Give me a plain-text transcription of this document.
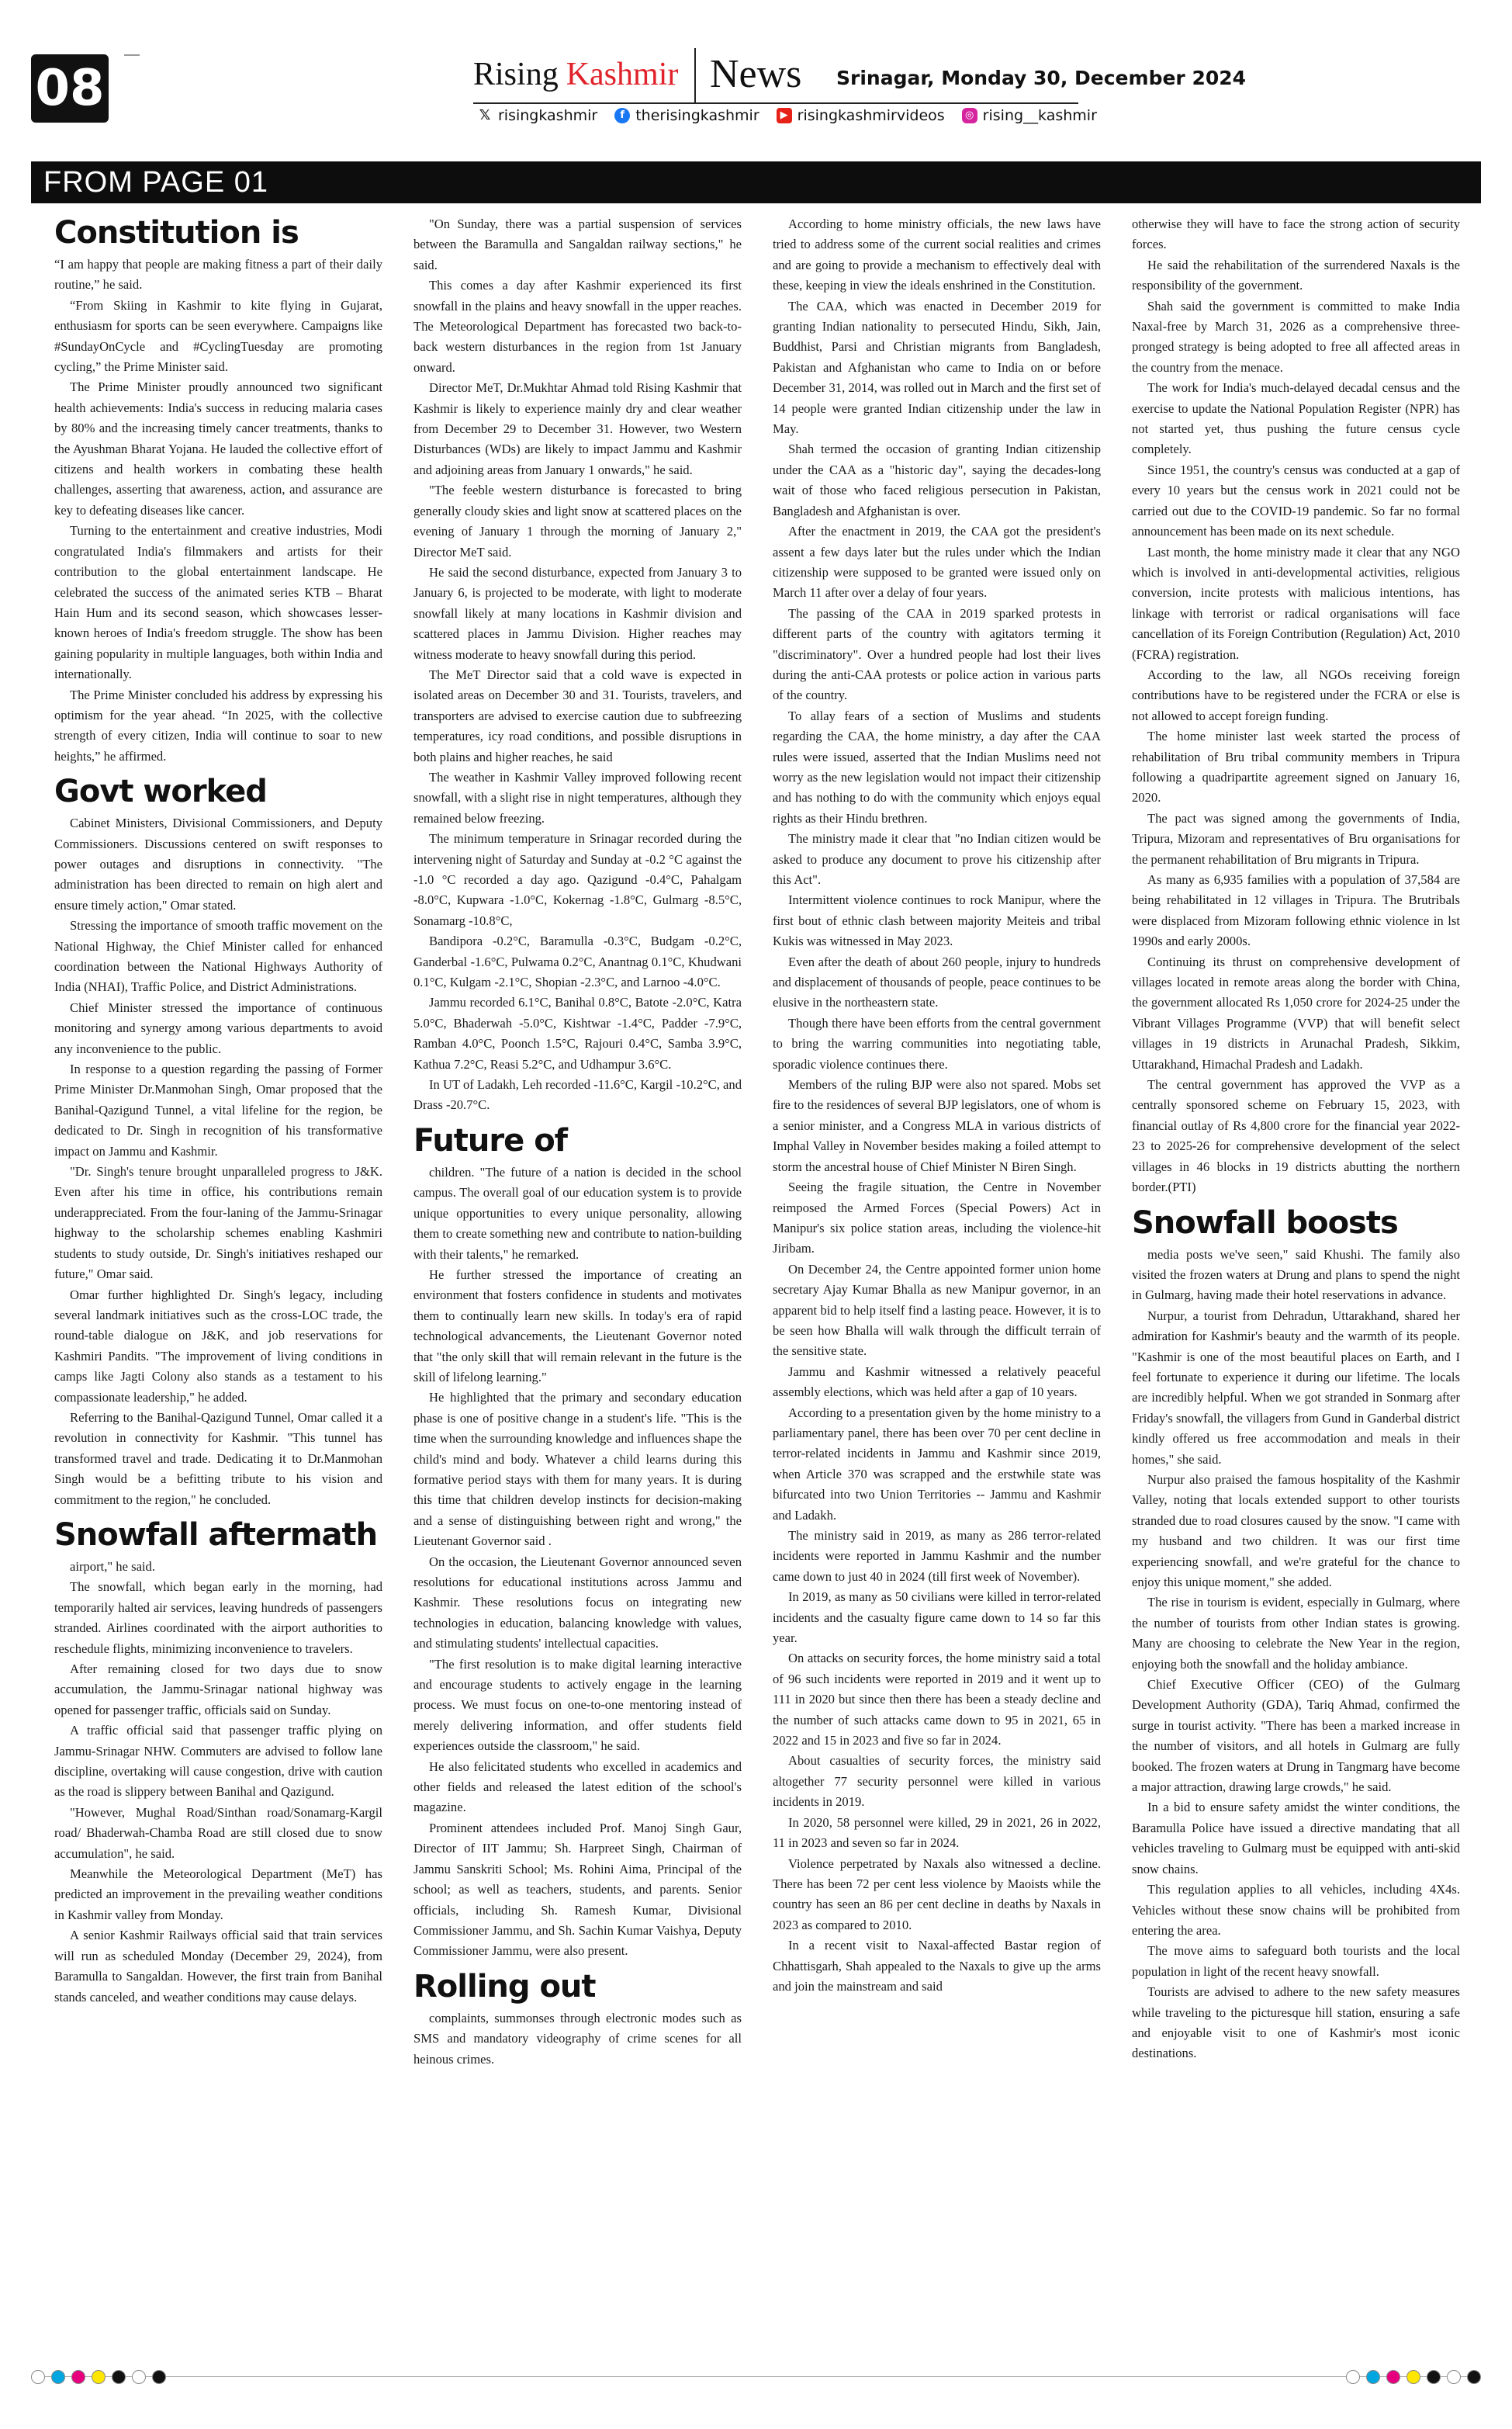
08	Rising Kashmir News Srinagar, Monday 30, December 2024
𝕏 risingkashmir	f therisingkashmir	▶ risingkashmirvideos	◎ rising__kashmir
FROM PAGE 01
Constitution is

“I am happy that people are making fitness a part of their daily routine,” he said.

“From Skiing in Kashmir to kite flying in Gujarat, enthusiasm for sports can be seen everywhere. Campaigns like #SundayOnCycle and #CyclingTuesday are promoting cycling,” the Prime Minister said.

The Prime Minister proudly announced two significant health achievements: India's success in reducing malaria cases by 80% and the increasing timely cancer treatments, thanks to the Ayushman Bharat Yojana. He lauded the collective effort of citizens and health workers in combating these health challenges, asserting that awareness, action, and assurance are key to defeating diseases like cancer.

Turning to the entertainment and creative industries, Modi congratulated India's filmmakers and artists for their contribution to the global entertainment landscape. He celebrated the success of the animated series KTB – Bharat Hain Hum and its second season, which showcases lesser-known heroes of India's freedom struggle. The show has been gaining popularity in multiple languages, both within India and internationally.

The Prime Minister concluded his address by expressing his optimism for the year ahead. “In 2025, with the collective strength of every citizen, India will continue to soar to new heights,” he affirmed.

Govt worked

Cabinet Ministers, Divisional Commissioners, and Deputy Commissioners. Discussions centered on swift responses to power outages and disruptions in connectivity. "The administration has been directed to remain on high alert and ensure timely action," Omar stated.

Stressing the importance of smooth traffic movement on the National Highway, the Chief Minister called for enhanced coordination between the National Highways Authority of India (NHAI), Traffic Police, and District Administrations.

Chief Minister stressed the importance of continuous monitoring and synergy among various departments to avoid any inconvenience to the public.

In response to a question regarding the passing of Former Prime Minister Dr.Manmohan Singh, Omar proposed that the Banihal-Qazigund Tunnel, a vital lifeline for the region, be dedicated to Dr. Singh in recognition of his transformative impact on Jammu and Kashmir.

"Dr. Singh's tenure brought unparalleled progress to J&K. Even after his time in office, his contributions remain underappreciated. From the four-laning of the Jammu-Srinagar highway to the scholarship schemes enabling Kashmiri students to study outside, Dr. Singh's initiatives reshaped our future," Omar said.

Omar further highlighted Dr. Singh's legacy, including several landmark initiatives such as the cross-LOC trade, the round-table dialogue on J&K, and job reservations for Kashmiri Pandits. "The improvement of living conditions in camps like Jagti Colony also stands as a testament to his compassionate leadership," he added.

Referring to the Banihal-Qazigund Tunnel, Omar called it a revolution in connectivity for Kashmir. "This tunnel has transformed travel and trade. Dedicating it to Dr.Manmohan Singh would be a befitting tribute to his vision and commitment to the region," he concluded.

Snowfall aftermath

airport," he said.

The snowfall, which began early in the morning, had temporarily halted air services, leaving hundreds of passengers stranded. Airlines coordinated with the airport authorities to reschedule flights, minimizing inconvenience to travelers.

After remaining closed for two days due to snow accumulation, the Jammu-Srinagar national highway was opened for passenger traffic, officials said on Sunday.

A traffic official said that passenger traffic plying on Jammu-Srinagar NHW. Commuters are advised to follow lane discipline, overtaking will cause congestion, drive with caution as the road is slippery between Banihal and Qazigund.

"However, Mughal Road/Sinthan road/Sonamarg-Kargil road/ Bhaderwah-Chamba Road are still closed due to snow accumulation", he said.

Meanwhile the Meteorological Department (MeT) has predicted an improvement in the prevailing weather conditions in Kashmir valley from Monday.

A senior Kashmir Railways official said that train services will run as scheduled Monday (December 29, 2024), from Baramulla to Sangaldan. However, the first train from Banihal stands canceled, and weather conditions may cause delays.

"On Sunday, there was a partial suspension of services between the Baramulla and Sangaldan railway sections," he said.

This comes a day after Kashmir experienced its first snowfall in the plains and heavy snowfall in the upper reaches. The Meteorological Department has forecasted two back-to-back western disturbances in the region from 1st January onward.

Director MeT, Dr.Mukhtar Ahmad told Rising Kashmir that Kashmir is likely to experience mainly dry and clear weather from December 29 to December 31. However, two Western Disturbances (WDs) are likely to impact Jammu and Kashmir and adjoining areas from January 1 onwards," he said.

"The feeble western disturbance is forecasted to bring generally cloudy skies and light snow at scattered places on the evening of January 1 through the morning of January 2," Director MeT said.

He said the second disturbance, expected from January 3 to January 6, is projected to be moderate, with light to moderate snowfall likely at many locations in Kashmir division and scattered places in Jammu Division. Higher reaches may witness moderate to heavy snowfall during this period.

The MeT Director said that a cold wave is expected in isolated areas on December 30 and 31. Tourists, travelers, and transporters are advised to exercise caution due to subfreezing temperatures, icy road conditions, and possible disruptions in both plains and higher reaches, he said

The weather in Kashmir Valley improved following recent snowfall, with a slight rise in night temperatures, although they remained below freezing.

The minimum temperature in Srinagar recorded during the intervening night of Saturday and Sunday at -0.2 °C against the -1.0 °C recorded a day ago. Qazigund -0.4°C, Pahalgam -8.0°C, Kupwara -1.0°C, Kokernag -1.8°C, Gulmarg -8.5°C, Sonamarg -10.8°C,

Bandipora -0.2°C, Baramulla -0.3°C, Budgam -0.2°C, Ganderbal -1.6°C, Pulwama 0.2°C, Anantnag 0.1°C, Khudwani 0.1°C, Kulgam -2.1°C, Shopian -2.3°C, and Larnoo -4.0°C.

Jammu recorded 6.1°C, Banihal 0.8°C, Batote -2.0°C, Katra 5.0°C, Bhaderwah -5.0°C, Kishtwar -1.4°C, Padder -7.9°C, Ramban 4.0°C, Poonch 1.5°C, Rajouri 0.4°C, Samba 3.9°C, Kathua 7.2°C, Reasi 5.2°C, and Udhampur 3.6°C.

In UT of Ladakh, Leh recorded -11.6°C, Kargil -10.2°C, and Drass -20.7°C.

Future of

children. "The future of a nation is decided in the school campus. The overall goal of our education system is to provide unique opportunities to every unique personality, allowing them to create something new and contribute to nation-building with their talents," he remarked.

He further stressed the importance of creating an environment that fosters confidence in students and motivates them to continually learn new skills. In today's era of rapid technological advancements, the Lieutenant Governor noted that "the only skill that will remain relevant in the future is the skill of lifelong learning."

He highlighted that the primary and secondary education phase is one of positive change in a student's life. "This is the time when the surrounding knowledge and influences shape the child's mind and body. Whatever a child learns during this formative period stays with them for many years. It is during this time that children develop instincts for decision-making and a sense of distinguishing between right and wrong," the Lieutenant Governor said .

On the occasion, the Lieutenant Governor announced seven resolutions for educational institutions across Jammu and Kashmir. These resolutions focus on integrating new technologies in education, balancing knowledge with values, and stimulating students' intellectual capacities.

"The first resolution is to make digital learning interactive and encourage students to actively engage in the learning process. We must focus on one-to-one mentoring instead of merely delivering information, and offer students field experiences outside the classroom," he said.

He also felicitated students who excelled in academics and other fields and released the latest edition of the school's magazine.

Prominent attendees included Prof. Manoj Singh Gaur, Director of IIT Jammu; Sh. Harpreet Singh, Chairman of Jammu Sanskriti School; Ms. Rohini Aima, Principal of the school; as well as teachers, students, and parents. Senior officials, including Sh. Ramesh Kumar, Divisional Commissioner Jammu, and Sh. Sachin Kumar Vaishya, Deputy Commissioner Jammu, were also present.

Rolling out

complaints, summonses through electronic modes such as SMS and mandatory videography of crime scenes for all heinous crimes.

According to home ministry officials, the new laws have tried to address some of the current social realities and crimes and are going to provide a mechanism to effectively deal with these, keeping in view the ideals enshrined in the Constitution.

The CAA, which was enacted in December 2019 for granting Indian nationality to persecuted Hindu, Sikh, Jain, Buddhist, Parsi and Christian migrants from Bangladesh, Pakistan and Afghanistan who came to India on or before December 31, 2014, was rolled out in March and the first set of 14 people were granted Indian citizenship under the law in May.

Shah termed the occasion of granting Indian citizenship under the CAA as a "historic day", saying the decades-long wait of those who faced religious persecution in Pakistan, Bangladesh and Afghanistan is over.

After the enactment in 2019, the CAA got the president's assent a few days later but the rules under which the Indian citizenship were supposed to be granted were issued only on March 11 after over a delay of four years.

The passing of the CAA in 2019 sparked protests in different parts of the country with agitators terming it "discriminatory". Over a hundred people had lost their lives during the anti-CAA protests or police action in various parts of the country.

To allay fears of a section of Muslims and students regarding the CAA, the home ministry, a day after the CAA rules were issued, asserted that the Indian Muslims need not worry as the new legislation would not impact their citizenship and has nothing to do with the community which enjoys equal rights as their Hindu brethren.

The ministry made it clear that "no Indian citizen would be asked to produce any document to prove his citizenship after this Act".

Intermittent violence continues to rock Manipur, where the first bout of ethnic clash between majority Meiteis and tribal Kukis was witnessed in May 2023.

Even after the death of about 260 people, injury to hundreds and displacement of thousands of people, peace continues to be elusive in the northeastern state.

Though there have been efforts from the central government to bring the warring communities into negotiating table, sporadic violence continues there.

Members of the ruling BJP were also not spared. Mobs set fire to the residences of several BJP legislators, one of whom is a senior minister, and a Congress MLA in various districts of Imphal Valley in November besides making a foiled attempt to storm the ancestral house of Chief Minister N Biren Singh.

Seeing the fragile situation, the Centre in November reimposed the Armed Forces (Special Powers) Act in Manipur's six police station areas, including the violence-hit Jiribam.

On December 24, the Centre appointed former union home secretary Ajay Kumar Bhalla as new Manipur governor, in an apparent bid to help itself find a lasting peace. However, it is to be seen how Bhalla will walk through the difficult terrain of the sensitive state.

Jammu and Kashmir witnessed a relatively peaceful assembly elections, which was held after a gap of 10 years.

According to a presentation given by the home ministry to a parliamentary panel, there has been over 70 per cent decline in terror-related incidents in Jammu and Kashmir since 2019, when Article 370 was scrapped and the erstwhile state was bifurcated into two Union Territories -- Jammu and Kashmir and Ladakh.

The ministry said in 2019, as many as 286 terror-related incidents were reported in Jammu Kashmir and the number came down to just 40 in 2024 (till first week of November).

In 2019, as many as 50 civilians were killed in terror-related incidents and the casualty figure came down to 14 so far this year.

On attacks on security forces, the home ministry said a total of 96 such incidents were reported in 2019 and it went up to 111 in 2020 but since then there has been a steady decline and the number of such attacks came down to 95 in 2021, 65 in 2022 and 15 in 2023 and five so far in 2024.

About casualties of security forces, the ministry said altogether 77 security personnel were killed in various incidents in 2019.

In 2020, 58 personnel were killed, 29 in 2021, 26 in 2022, 11 in 2023 and seven so far in 2024.

Violence perpetrated by Naxals also witnessed a decline. There has been 72 per cent less violence by Maoists while the country has seen an 86 per cent decline in deaths by Naxals in 2023 as compared to 2010.

In a recent visit to Naxal-affected Bastar region of Chhattisgarh, Shah appealed to the Naxals to give up the arms and join the mainstream and said

otherwise they will have to face the strong action of security forces.

He said the rehabilitation of the surrendered Naxals is the responsibility of the government.

Shah said the government is committed to make India Naxal-free by March 31, 2026 as a comprehensive three-pronged strategy is being adopted to free all affected areas in the country from the menace.

The work for India's much-delayed decadal census and the exercise to update the National Population Register (NPR) has not started yet, thus pushing the future census cycle completely.

Since 1951, the country's census was conducted at a gap of every 10 years but the census work in 2021 could not be carried out due to the COVID-19 pandemic. So far no formal announcement has been made on its next schedule.

Last month, the home ministry made it clear that any NGO which is involved in anti-developmental activities, religious conversion, incite protests with malicious intentions, has linkage with terrorist or radical organisations will face cancellation of its Foreign Contribution (Regulation) Act, 2010 (FCRA) registration.

According to the law, all NGOs receiving foreign contributions have to be registered under the FCRA or else is not allowed to accept foreign funding.

The home minister last week started the process of rehabilitation of Bru tribal community members in Tripura following a quadripartite agreement signed on January 16, 2020.

The pact was signed among the governments of India, Tripura, Mizoram and representatives of Bru organisations for the permanent rehabilitation of Bru migrants in Tripura.

As many as 6,935 families with a population of 37,584 are being rehabilitated in 12 villages in Tripura. The Brutribals were displaced from Mizoram following ethnic violence in lst 1990s and early 2000s.

Continuing its thrust on comprehensive development of villages located in remote areas along the border with China, the government allocated Rs 1,050 crore for 2024-25 under the Vibrant Villages Programme (VVP) that will benefit select villages in 19 districts in Arunachal Pradesh, Sikkim, Uttarakhand, Himachal Pradesh and Ladakh.

The central government has approved the VVP as a centrally sponsored scheme on February 15, 2023, with financial outlay of Rs 4,800 crore for the financial year 2022-23 to 2025-26 for comprehensive development of the select villages in 46 blocks in 19 districts abutting the northern border.(PTI)

Snowfall boosts

media posts we've seen," said Khushi. The family also visited the frozen waters at Drung and plans to spend the night in Gulmarg, having made their hotel reservations in advance.

Nurpur, a tourist from Dehradun, Uttarakhand, shared her admiration for Kashmir's beauty and the warmth of its people. "Kashmir is one of the most beautiful places on Earth, and I feel fortunate to experience it during our lifetime. The locals are incredibly helpful. When we got stranded in Sonmarg after Friday's snowfall, the villagers from Gund in Ganderbal district kindly offered us free accommodation and meals in their homes," she said.

Nurpur also praised the famous hospitality of the Kashmir Valley, noting that locals extended support to other tourists stranded due to road closures caused by the snow. "I came with my husband and two children. It was our first time experiencing snowfall, and we're grateful for the chance to enjoy this unique moment," she added.

The rise in tourism is evident, especially in Gulmarg, where the number of tourists from other Indian states is growing. Many are choosing to celebrate the New Year in the region, enjoying both the snowfall and the holiday ambiance.

Chief Executive Officer (CEO) of the Gulmarg Development Authority (GDA), Tariq Ahmad, confirmed the surge in tourist activity. "There has been a marked increase in the number of visitors, and all hotels in Gulmarg are fully booked. The frozen waters at Drung in Tangmarg have become a major attraction, drawing large crowds," he said.

In a bid to ensure safety amidst the winter conditions, the Baramulla Police have issued a directive mandating that all vehicles traveling to Gulmarg must be equipped with anti-skid snow chains.

This regulation applies to all vehicles, including 4X4s. Vehicles without these snow chains will be prohibited from entering the area.

The move aims to safeguard both tourists and the local population in light of the recent heavy snowfall.

Tourists are advised to adhere to the new safety measures while traveling to the picturesque hill station, ensuring a safe and enjoyable visit to one of Kashmir's most iconic destinations.
